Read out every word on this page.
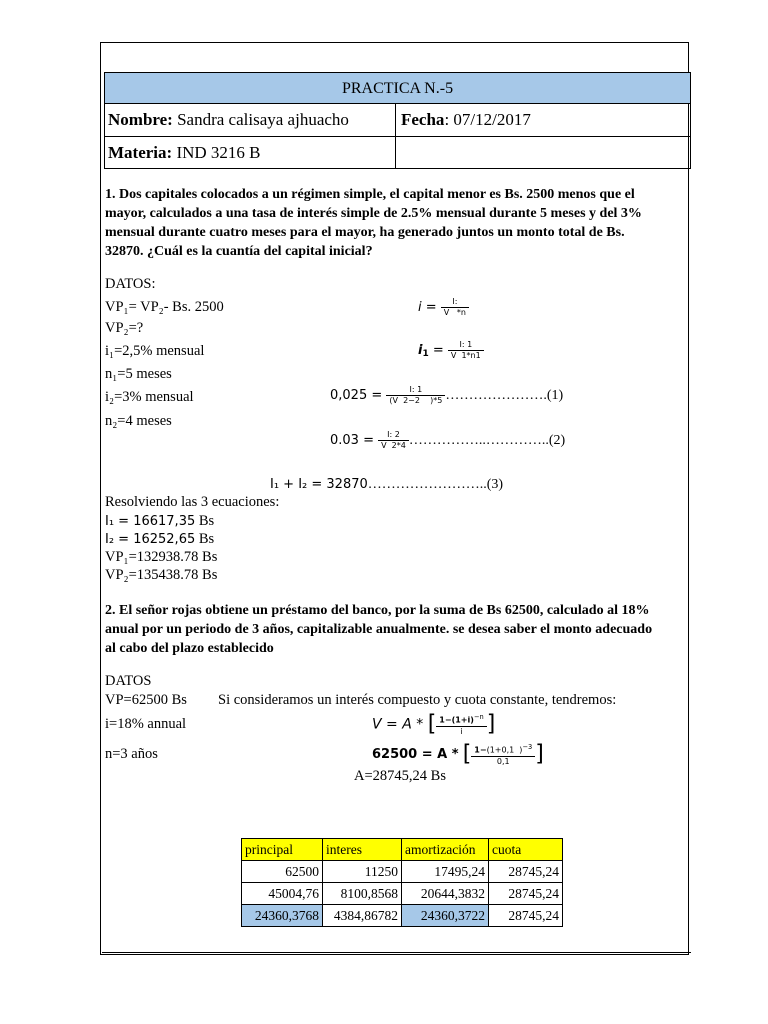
PRACTICA N.-5
Nombre: Sandra calisaya ajhuacho	Fecha: 07/12/2017
Materia: IND 3216 B
1. Dos capitales colocados a un régimen simple, el capital menor es Bs. 2500 menos que el mayor, calculados a una tasa de interés simple de 2.5% mensual durante 5 meses y del 3% mensual durante cuatro meses para el mayor, ha generado juntos un monto total de Bs. 32870. ¿Cuál es la cuantía del capital inicial?
DATOS:
VP₁= VP₂- Bs. 2500
VP₂=?
i₁=2,5% mensual
n₁=5 meses
i₂=3% mensual
n₂=4 meses
$i = \frac{I:}{V *n}$
$i_1 = \frac{I: 1}{V 1*n1}$
$0,025 = \frac{I: 1}{(V 2-2 )*5}$ ………………….(1)
$0.03 = \frac{I: 2}{V 2*4}$ ……………..…………..(2)
I₁ + I₂ = 32870……………………..(3)
Resolviendo las 3 ecuaciones:
I₁ = 16617,35 Bs
I₂ = 16252,65 Bs
VP₁=132938.78 Bs
VP₂=135438.78 Bs
2. El señor rojas obtiene un préstamo del banco, por la suma de Bs 62500, calculado al 18% anual por un periodo de 3 años, capitalizable anualmente. se desea saber el monto adecuado al cabo del plazo establecido
DATOS
VP=62500 Bs Si consideramos un interés compuesto y cuota constante, tendremos:
i=18% annual
n=3 años
V = A * [ $\frac{1-(1+i)^{-n}}{i}$ ]
62500 = A * [ $\frac{1-(1+0,1 )^{-3}}{0,1}$ ]
A=28745,24 Bs
principal	interes	amortización	cuota
62500	11250	17495,24	28745,24
45004,76	8100,8568	20644,3832	28745,24
24360,3768	4384,86782	24360,3722	28745,24
